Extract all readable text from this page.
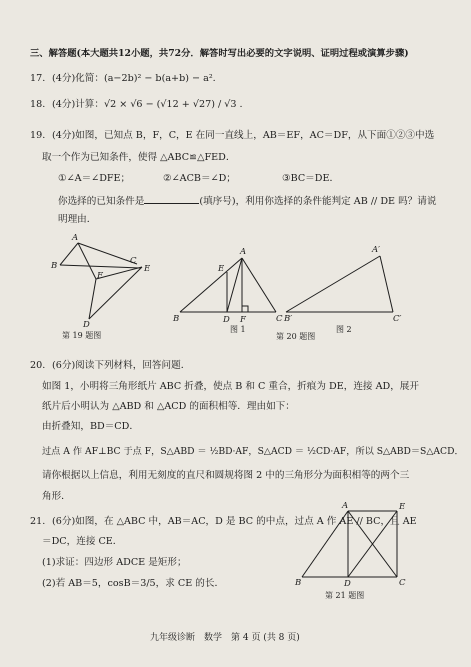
三、解答题(本大题共12小题，共72分．解答时写出必要的文字说明、证明过程或演算步骤)
17. (4分)化简：(a−2b)² − b(a+b) − a².
18. (4分)计算：√2 × √6 − (√12 + √27) / √3 .
19. (4分)如图，已知点 B，F，C，E 在同一直线上，AB＝EF，AC＝DF，从下面①②③中选
取一个作为已知条件，使得 △ABC≌△FED．
①∠A＝∠DFE；	②∠ACB＝∠D；	③BC＝DE．
你选择的已知条件是	(填序号)，利用你选择的条件能判定 AB // DE 吗？请说
明理由．
A
B
F
C
E
D
第 19 题图
E
A
B	D F	C
A′
B′	C′
图 1	图 2
第 20 题图
20. (6分)阅读下列材料，回答问题．
如图 1，小明将三角形纸片 ABC 折叠，使点 B 和 C 重合，折痕为 DE，连接 AD，展开
纸片后小明认为 △ABD 和 △ACD 的面积相等．理由如下：
由折叠知，BD＝CD．
过点 A 作 AF⊥BC 于点 F，S△ABD ＝ ½BD·AF，S△ACD ＝ ½CD·AF，所以 S△ABD＝S△ACD．
请你根据以上信息，利用无刻度的直尺和圆规将图 2 中的三角形分为面积相等的两个三
角形．
21. (6分)如图，在 △ABC 中，AB＝AC，D 是 BC 的中点，过点 A 作 AE // BC，且 AE
＝DC，连接 CE．
(1)求证：四边形 ADCE 是矩形；
(2)若 AB＝5，cosB＝3/5，求 CE 的长．
A	E
B	D	C
第 21 题图
九年级诊断　数学　第 4 页 (共 8 页)
